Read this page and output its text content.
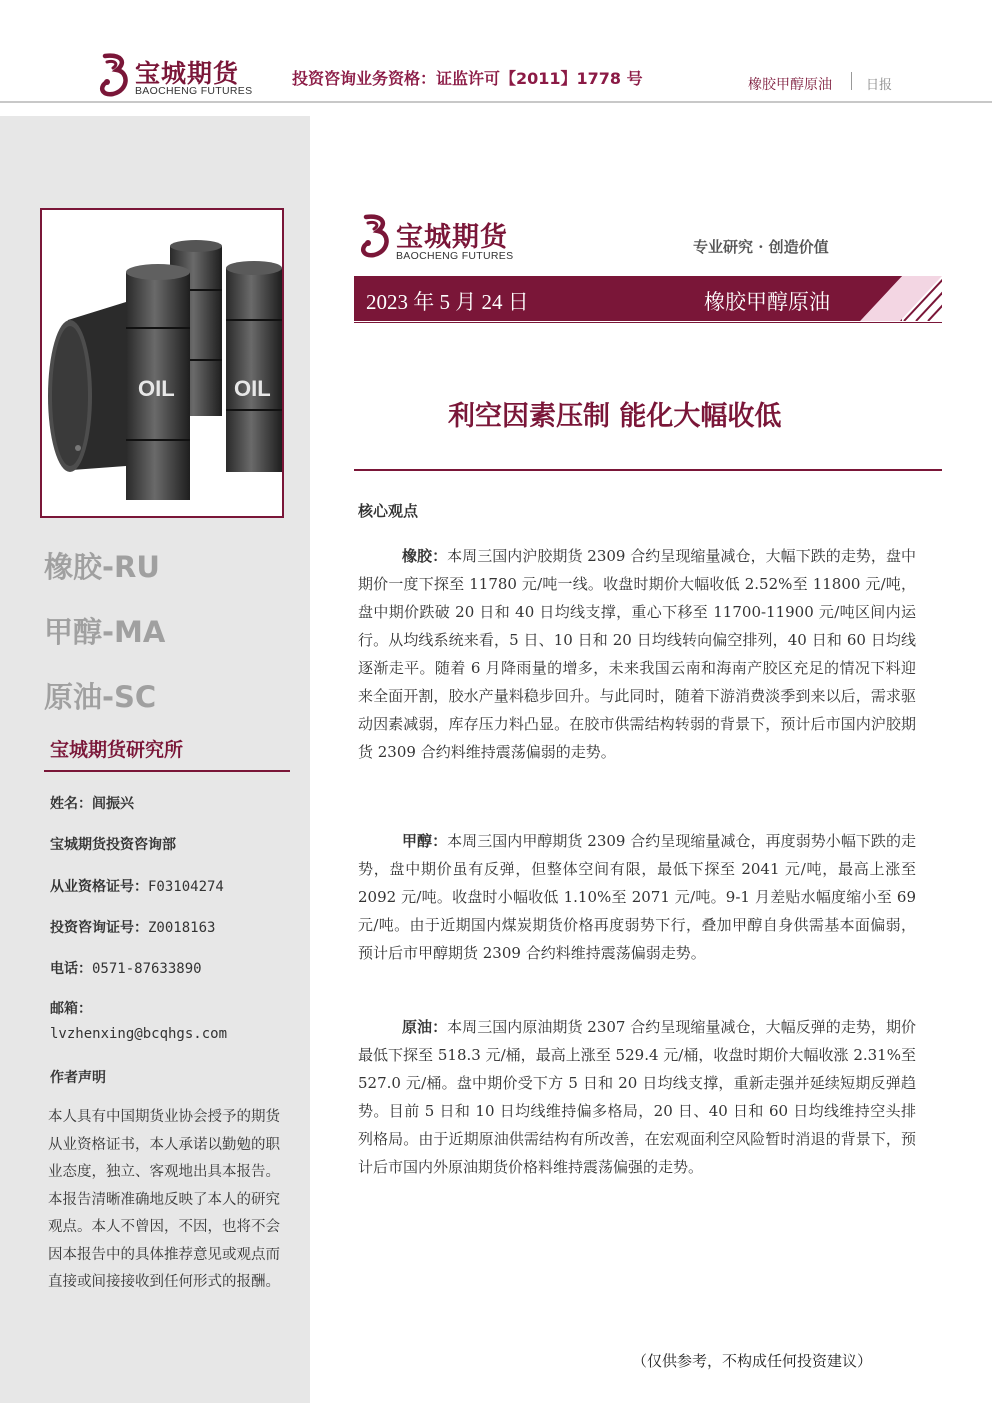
宝城期货
BAOCHENG FUTURES
投资咨询业务资格：证监许可【2011】1778 号	橡胶甲醇原油	日报
OIL	OIL
橡胶-RU
甲醇-MA
原油-SC
宝城期货研究所
姓名：闾振兴
宝城期货投资咨询部
从业资格证号：F03104274
投资咨询证号：Z0018163
电话：0571-87633890
邮箱：
lvzhenxing@bcqhgs.com
作者声明
本人具有中国期货业协会授予的期货从业资格证书，本人承诺以勤勉的职业态度，独立、客观地出具本报告。本报告清晰准确地反映了本人的研究观点。本人不曾因，不因，也将不会因本报告中的具体推荐意见或观点而直接或间接接收到任何形式的报酬。
宝城期货
BAOCHENG FUTURES	专业研究 · 创造价值
2023 年 5 月 24 日	橡胶甲醇原油
利空因素压制 能化大幅收低
核心观点

橡胶：本周三国内沪胶期货 2309 合约呈现缩量减仓，大幅下跌的走势，盘中期价一度下探至 11780 元/吨一线。收盘时期价大幅收低 2.52%至 11800 元/吨，盘中期价跌破 20 日和 40 日均线支撑，重心下移至 11700-11900 元/吨区间内运行。从均线系统来看，5 日、10 日和 20 日均线转向偏空排列，40 日和 60 日均线逐渐走平。随着 6 月降雨量的增多，未来我国云南和海南产胶区充足的情况下料迎来全面开割，胶水产量料稳步回升。与此同时，随着下游消费淡季到来以后，需求驱动因素减弱，库存压力料凸显。在胶市供需结构转弱的背景下，预计后市国内沪胶期货 2309 合约料维持震荡偏弱的走势。

甲醇：本周三国内甲醇期货 2309 合约呈现缩量减仓，再度弱势小幅下跌的走势，盘中期价虽有反弹，但整体空间有限，最低下探至 2041 元/吨，最高上涨至 2092 元/吨。收盘时小幅收低 1.10%至 2071 元/吨。9-1 月差贴水幅度缩小至 69 元/吨。由于近期国内煤炭期货价格再度弱势下行，叠加甲醇自身供需基本面偏弱，预计后市甲醇期货 2309 合约料维持震荡偏弱走势。

原油：本周三国内原油期货 2307 合约呈现缩量减仓，大幅反弹的走势，期价最低下探至 518.3 元/桶，最高上涨至 529.4 元/桶，收盘时期价大幅收涨 2.31%至 527.0 元/桶。盘中期价受下方 5 日和 20 日均线支撑，重新走强并延续短期反弹趋势。目前 5 日和 10 日均线维持偏多格局，20 日、40 日和 60 日均线维持空头排列格局。由于近期原油供需结构有所改善，在宏观面利空风险暂时消退的背景下，预计后市国内外原油期货价格料维持震荡偏强的走势。

（仅供参考，不构成任何投资建议）
